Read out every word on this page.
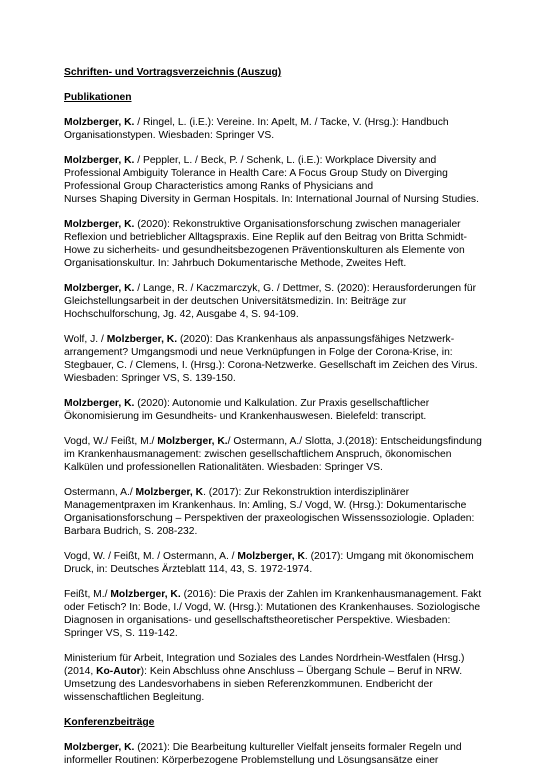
Schriften- und Vortragsverzeichnis (Auszug)
Publikationen
Molzberger, K. / Ringel, L. (i.E.): Vereine. In: Apelt, M. / Tacke, V. (Hrsg.): Handbuch
Organisationstypen. Wiesbaden: Springer VS.
Molzberger, K. / Peppler, L. / Beck, P. / Schenk, L. (i.E.): Workplace Diversity and
Professional Ambiguity Tolerance in Health Care: A Focus Group Study on Diverging
Professional Group Characteristics among Ranks of Physicians and
Nurses Shaping Diversity in German Hospitals. In: International Journal of Nursing Studies.
Molzberger, K. (2020): Rekonstruktive Organisationsforschung zwischen managerialer
Reflexion und betrieblicher Alltagspraxis. Eine Replik auf den Beitrag von Britta Schmidt-
Howe zu sicherheits- und gesundheitsbezogenen Präventionskulturen als Elemente von
Organisationskultur. In: Jahrbuch Dokumentarische Methode, Zweites Heft.
Molzberger, K. / Lange, R. / Kaczmarczyk, G. / Dettmer, S. (2020): Herausforderungen für
Gleichstellungsarbeit in der deutschen Universitätsmedizin. In: Beiträge zur
Hochschulforschung, Jg. 42, Ausgabe 4, S. 94-109.
Wolf, J. / Molzberger, K. (2020): Das Krankenhaus als anpassungsfähiges Netzwerk-
arrangement? Umgangsmodi und neue Verknüpfungen in Folge der Corona-Krise, in:
Stegbauer, C. / Clemens, I. (Hrsg.): Corona-Netzwerke. Gesellschaft im Zeichen des Virus.
Wiesbaden: Springer VS, S. 139-150.
Molzberger, K. (2020): Autonomie und Kalkulation. Zur Praxis gesellschaftlicher
Ökonomisierung im Gesundheits- und Krankenhauswesen. Bielefeld: transcript.
Vogd, W./ Feißt, M./ Molzberger, K./ Ostermann, A./ Slotta, J.(2018): Entscheidungsfindung
im Krankenhausmanagement: zwischen gesellschaftlichem Anspruch, ökonomischen
Kalkülen und professionellen Rationalitäten. Wiesbaden: Springer VS.
Ostermann, A./ Molzberger, K. (2017): Zur Rekonstruktion interdisziplinärer
Managementpraxen im Krankenhaus. In: Amling, S./ Vogd, W. (Hrsg.): Dokumentarische
Organisationsforschung – Perspektiven der praxeologischen Wissenssoziologie. Opladen:
Barbara Budrich, S. 208-232.
Vogd, W. / Feißt, M. / Ostermann, A. / Molzberger, K. (2017): Umgang mit ökonomischem
Druck, in: Deutsches Ärzteblatt 114, 43, S. 1972-1974.
Feißt, M./ Molzberger, K. (2016): Die Praxis der Zahlen im Krankenhausmanagement. Fakt
oder Fetisch? In: Bode, I./ Vogd, W. (Hrsg.): Mutationen des Krankenhauses. Soziologische
Diagnosen in organisations- und gesellschaftstheoretischer Perspektive. Wiesbaden:
Springer VS, S. 119-142.
Ministerium für Arbeit, Integration und Soziales des Landes Nordrhein-Westfalen (Hrsg.)
(2014, Ko-Autor): Kein Abschluss ohne Anschluss – Übergang Schule – Beruf in NRW.
Umsetzung des Landesvorhabens in sieben Referenzkommunen. Endbericht der
wissenschaftlichen Begleitung.
Konferenzbeiträge
Molzberger, K. (2021): Die Bearbeitung kultureller Vielfalt jenseits formaler Regeln und
informeller Routinen: Körperbezogene Problemstellung und Lösungsansätze einer
